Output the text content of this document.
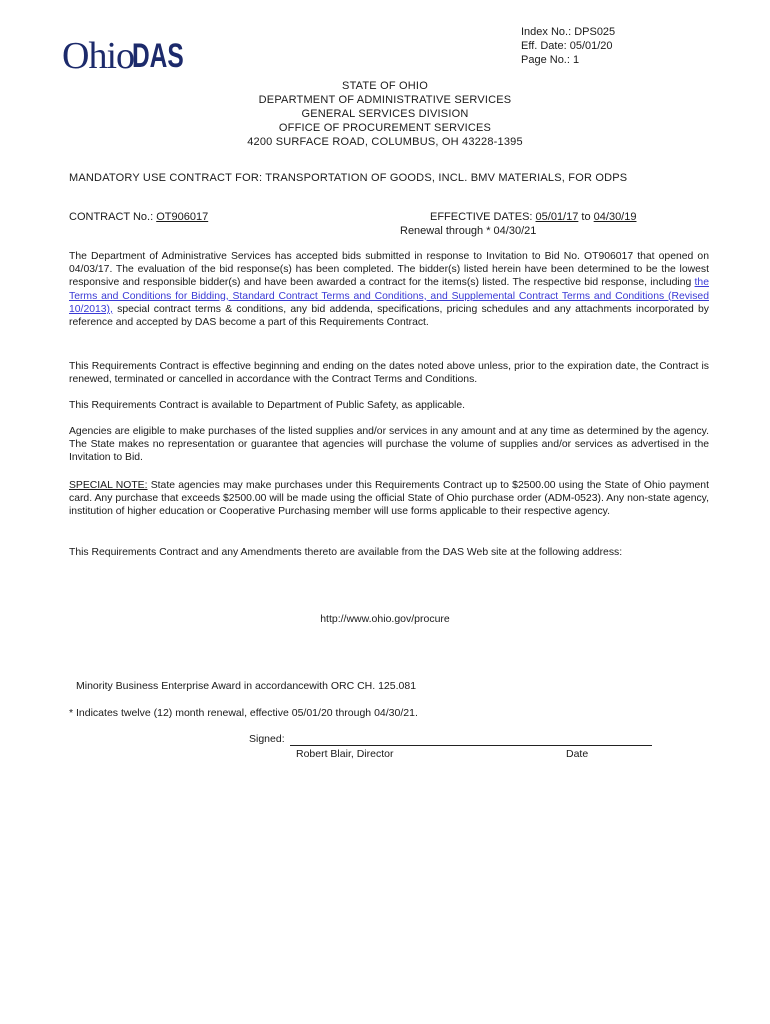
Ohio
DAS
Index No.: DPS025
Eff. Date: 05/01/20
Page No.: 1
STATE OF OHIO
DEPARTMENT OF ADMINISTRATIVE SERVICES
GENERAL SERVICES DIVISION
OFFICE OF PROCUREMENT SERVICES
4200 SURFACE ROAD, COLUMBUS, OH 43228-1395
MANDATORY USE CONTRACT FOR: TRANSPORTATION OF GOODS, INCL. BMV MATERIALS, FOR ODPS
CONTRACT No.: OT906017	EFFECTIVE DATES: 05/01/17 to 04/30/19
Renewal through * 04/30/21
The Department of Administrative Services has accepted bids submitted in response to Invitation to Bid No. OT906017 that opened on 04/03/17. The evaluation of the bid response(s) has been completed. The bidder(s) listed herein have been determined to be the lowest responsive and responsible bidder(s) and have been awarded a contract for the items(s) listed. The respective bid response, including the Terms and Conditions for Bidding, Standard Contract Terms and Conditions, and Supplemental Contract Terms and Conditions (Revised 10/2013), special contract terms & conditions, any bid addenda, specifications, pricing schedules and any attachments incorporated by reference and accepted by DAS become a part of this Requirements Contract.
This Requirements Contract is effective beginning and ending on the dates noted above unless, prior to the expiration date, the Contract is renewed, terminated or cancelled in accordance with the Contract Terms and Conditions.
This Requirements Contract is available to Department of Public Safety, as applicable.
Agencies are eligible to make purchases of the listed supplies and/or services in any amount and at any time as determined by the agency. The State makes no representation or guarantee that agencies will purchase the volume of supplies and/or services as advertised in the Invitation to Bid.
SPECIAL NOTE: State agencies may make purchases under this Requirements Contract up to $2500.00 using the State of Ohio payment card. Any purchase that exceeds $2500.00 will be made using the official State of Ohio purchase order (ADM-0523). Any non-state agency, institution of higher education or Cooperative Purchasing member will use forms applicable to their respective agency.
This Requirements Contract and any Amendments thereto are available from the DAS Web site at the following address:
http://www.ohio.gov/procure
Minority Business Enterprise Award in accordancewith ORC CH. 125.081
* Indicates twelve (12) month renewal, effective 05/01/20 through 04/30/21.
Signed:
Robert Blair, Director	Date
